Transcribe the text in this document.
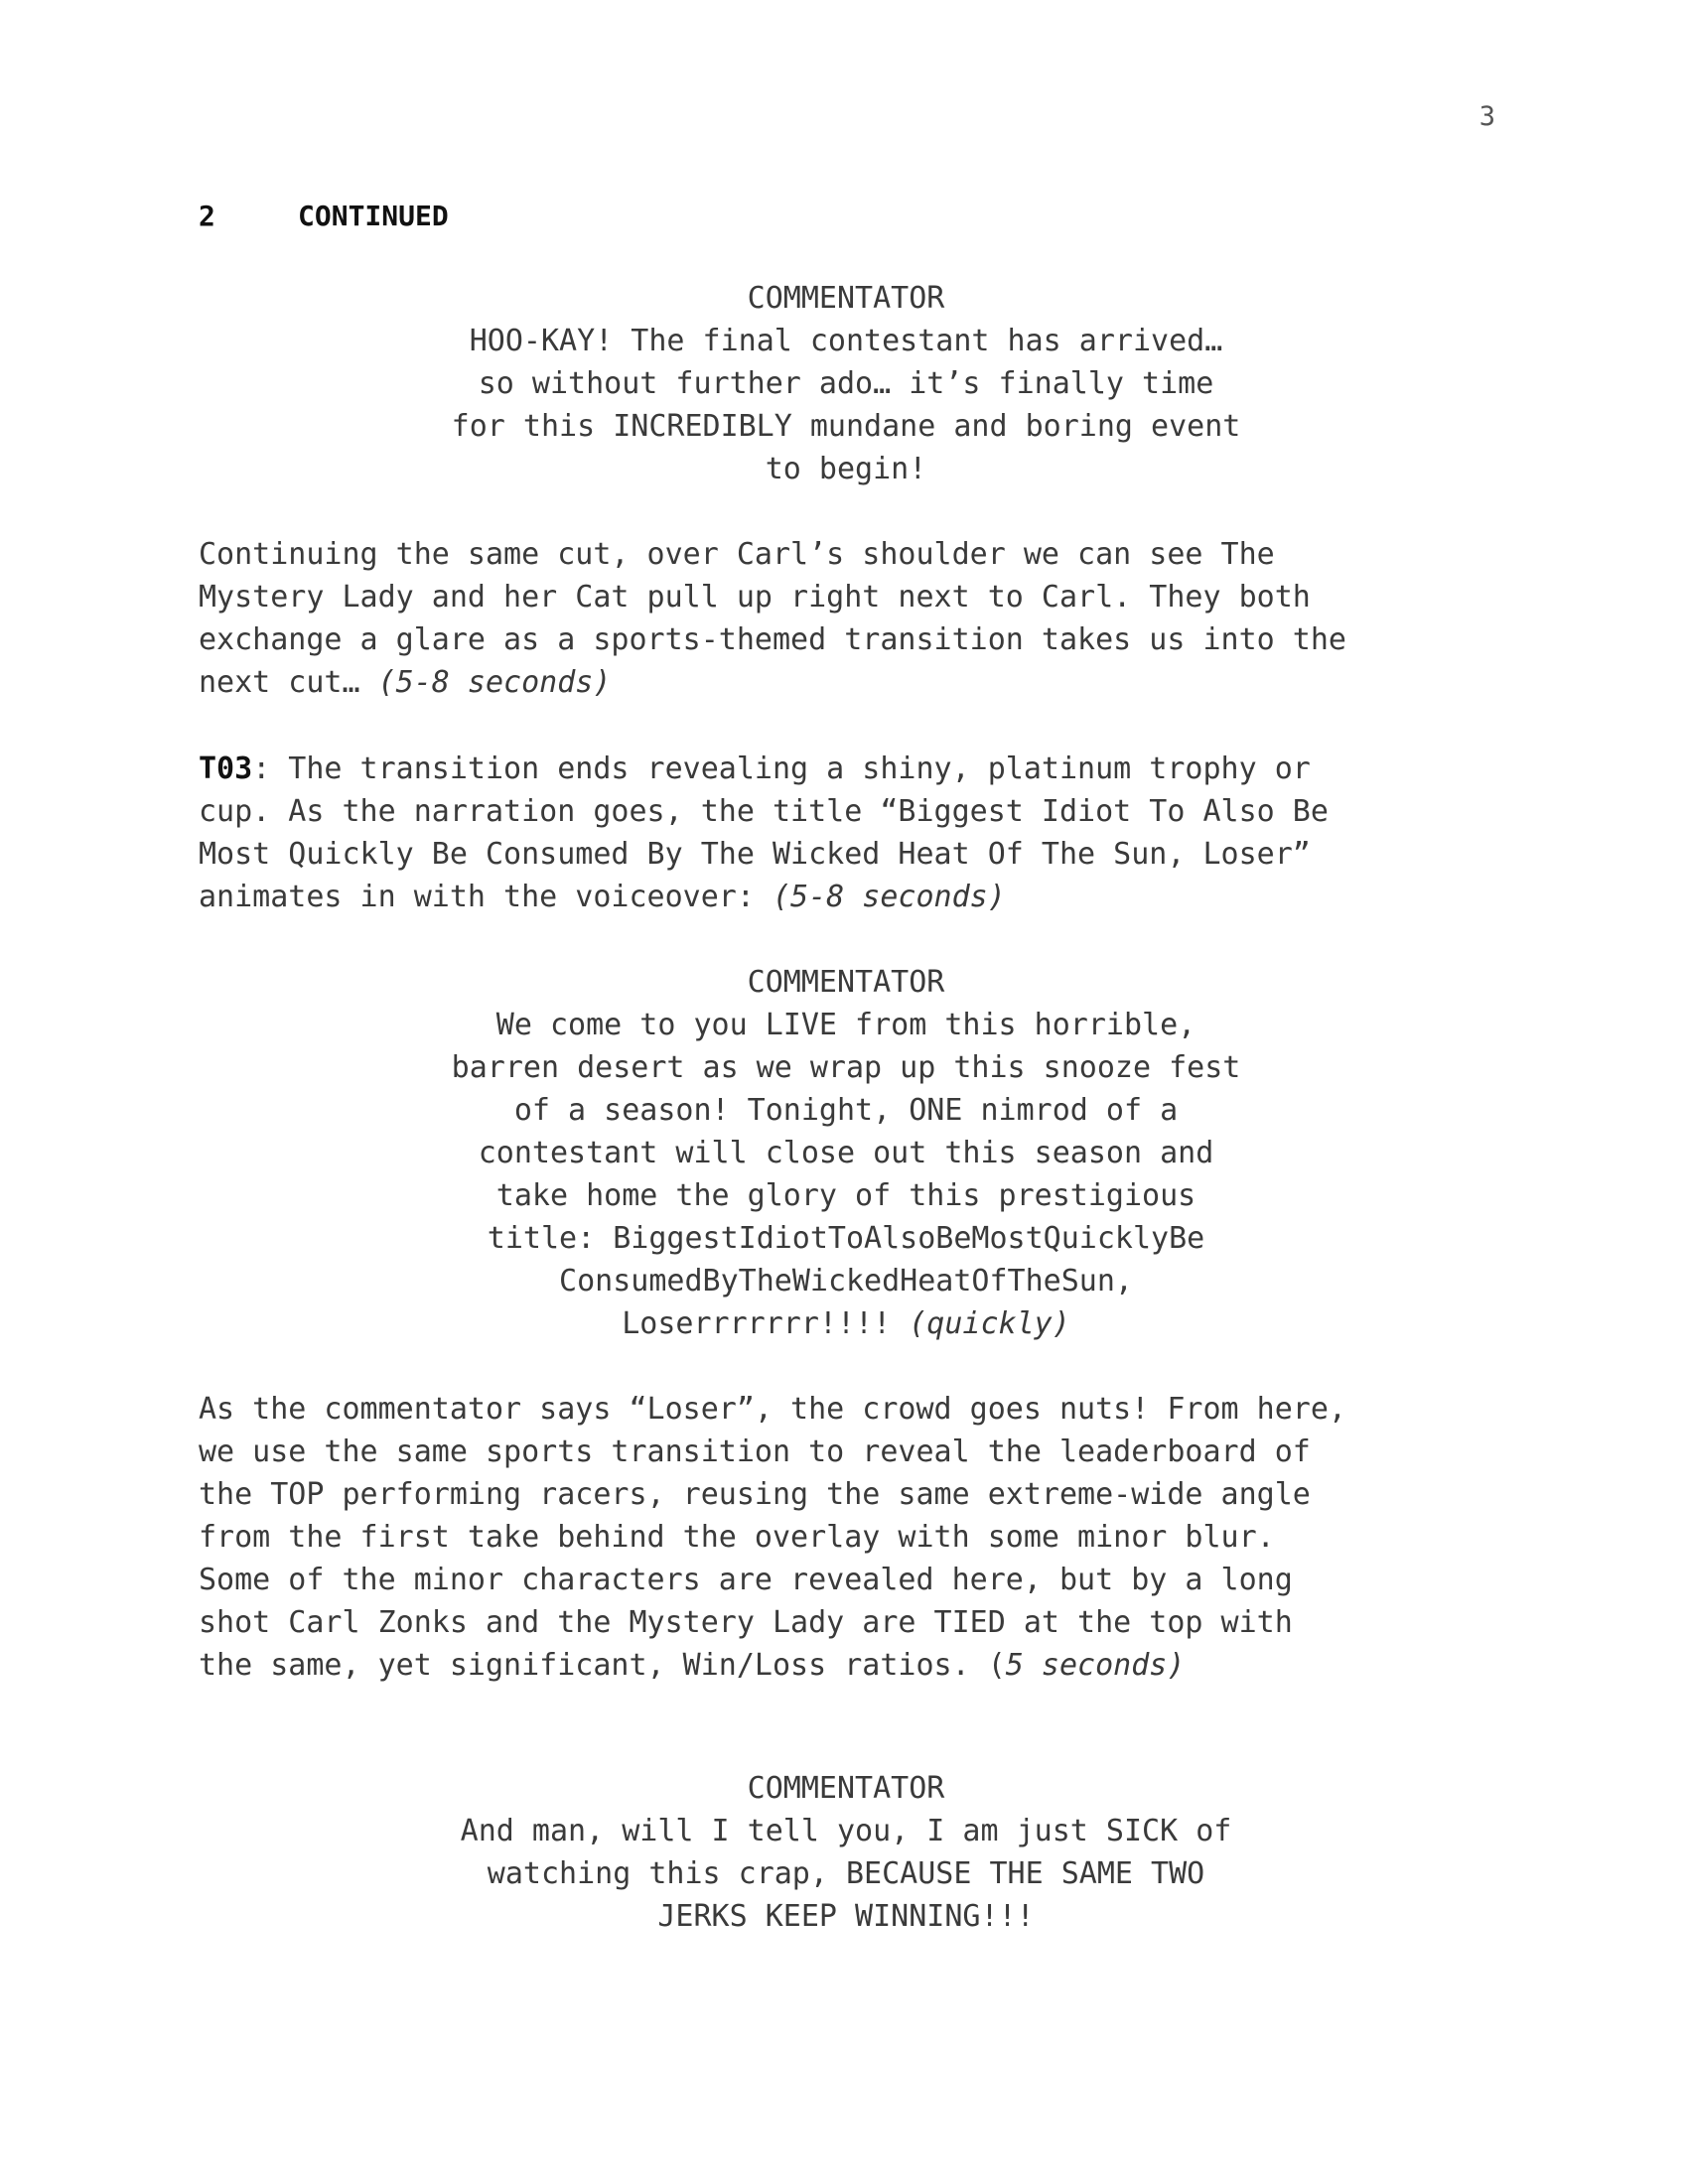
3
2	CONTINUED
COMMENTATOR
HOO-KAY! The final contestant has arrived…
so without further ado… it’s finally time
for this INCREDIBLY mundane and boring event
to begin!
Continuing the same cut, over Carl’s shoulder we can see The
Mystery Lady and her Cat pull up right next to Carl. They both
exchange a glare as a sports-themed transition takes us into the
next cut… (5-8 seconds)
T03: The transition ends revealing a shiny, platinum trophy or
cup. As the narration goes, the title “Biggest Idiot To Also Be
Most Quickly Be Consumed By The Wicked Heat Of The Sun, Loser”
animates in with the voiceover: (5-8 seconds)
COMMENTATOR
We come to you LIVE from this horrible,
barren desert as we wrap up this snooze fest
of a season! Tonight, ONE nimrod of a
contestant will close out this season and
take home the glory of this prestigious
title: BiggestIdiotToAlsoBeMostQuicklyBe
ConsumedByTheWickedHeatOfTheSun,
Loserrrrrrr!!!! (quickly)
As the commentator says “Loser”, the crowd goes nuts! From here,
we use the same sports transition to reveal the leaderboard of
the TOP performing racers, reusing the same extreme-wide angle
from the first take behind the overlay with some minor blur.
Some of the minor characters are revealed here, but by a long
shot Carl Zonks and the Mystery Lady are TIED at the top with
the same, yet significant, Win/Loss ratios. (5 seconds)
COMMENTATOR
And man, will I tell you, I am just SICK of
watching this crap, BECAUSE THE SAME TWO
JERKS KEEP WINNING!!!
